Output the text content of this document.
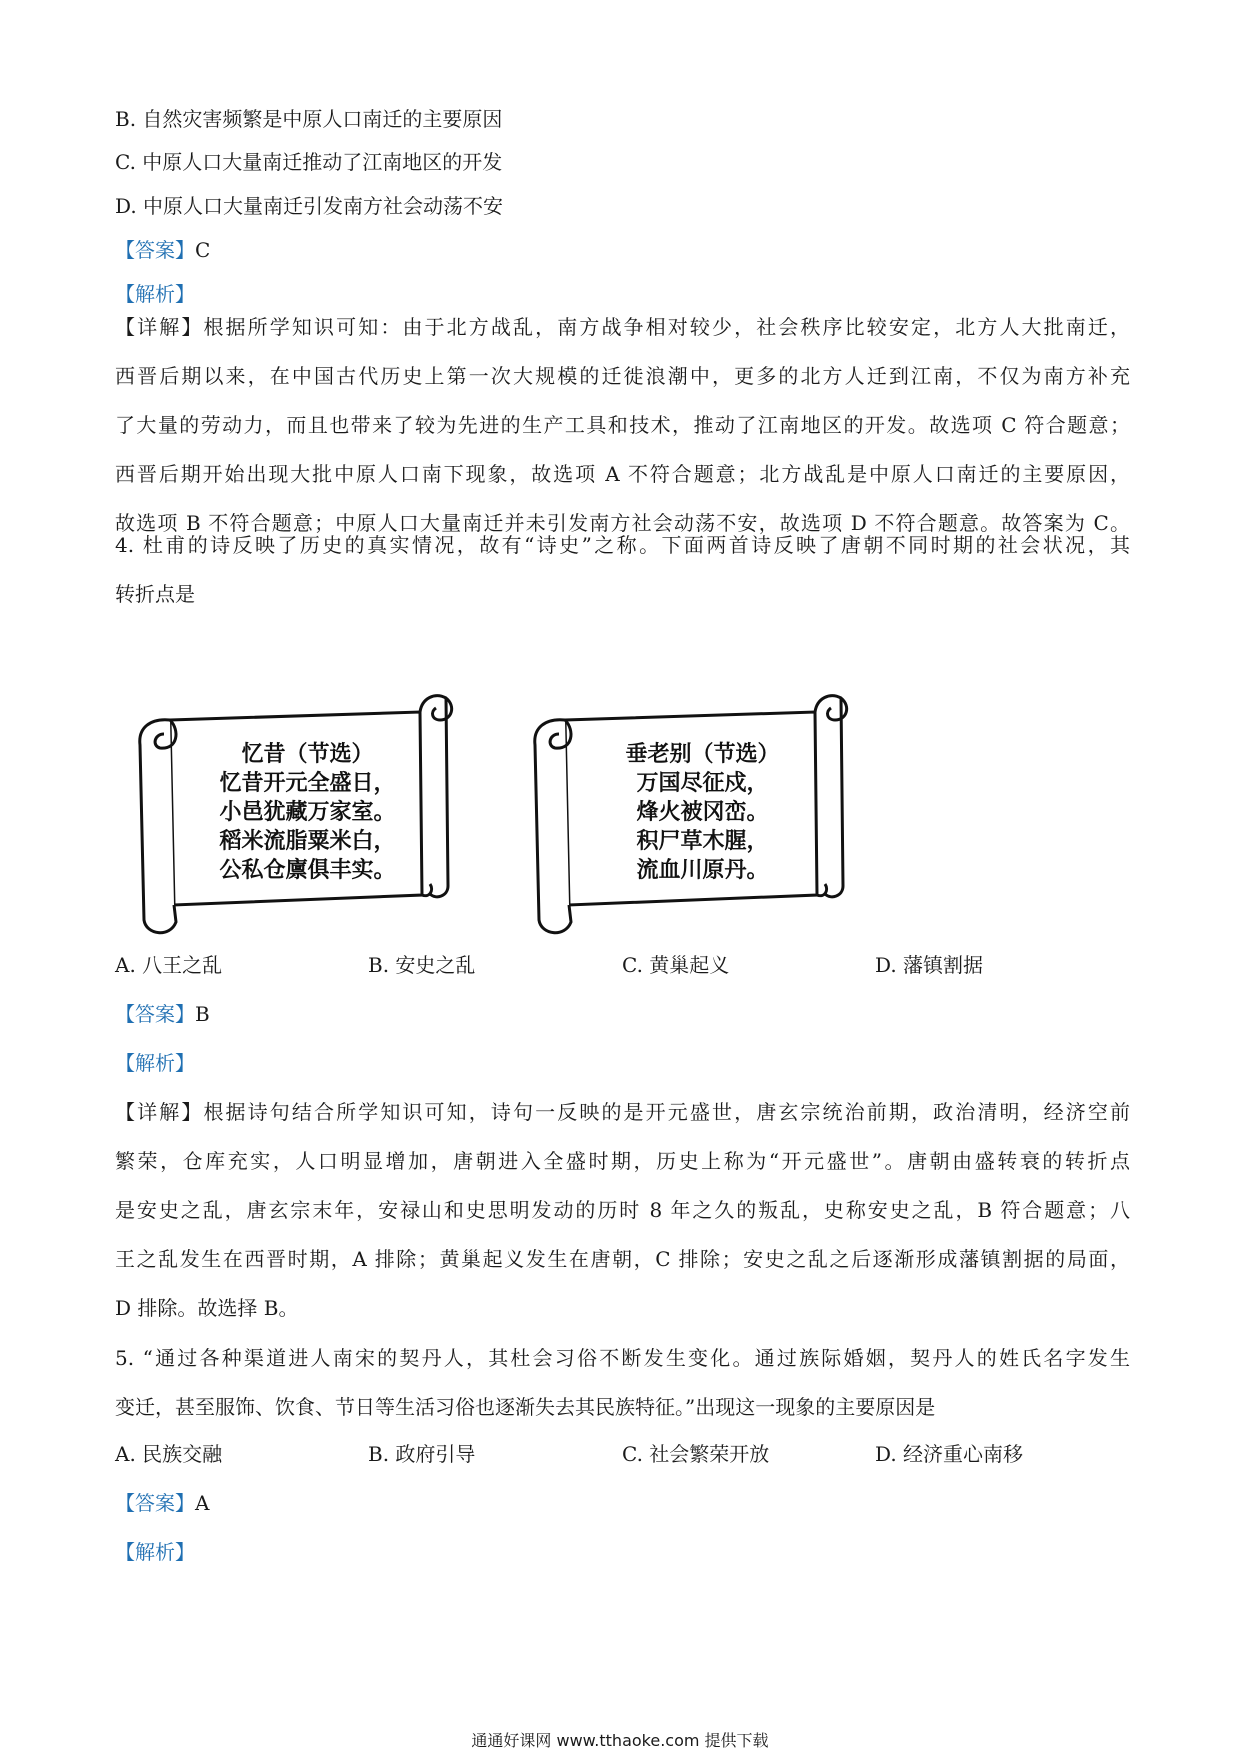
B. 自然灾害频繁是中原人口南迁的主要原因
C. 中原人口大量南迁推动了江南地区的开发
D. 中原人口大量南迁引发南方社会动荡不安
【答案】C
【解析】
【详解】根据所学知识可知：由于北方战乱，南方战争相对较少，社会秩序比较安定，北方人大批南迁，
西晋后期以来，在中国古代历史上第一次大规模的迁徙浪潮中，更多的北方人迁到江南，不仅为南方补充
了大量的劳动力，而且也带来了较为先进的生产工具和技术，推动了江南地区的开发。故选项 C 符合题意；
西晋后期开始出现大批中原人口南下现象，故选项 A 不符合题意；北方战乱是中原人口南迁的主要原因，
故选项 B 不符合题意；中原人口大量南迁并未引发南方社会动荡不安，故选项 D 不符合题意。故答案为 C。
4. 杜甫的诗反映了历史的真实情况，故有“诗史”之称。下面两首诗反映了唐朝不同时期的社会状况，其
转折点是
忆昔（节选）
忆昔开元全盛日，
小邑犹藏万家室。
稻米流脂粟米白，
公私仓廪俱丰实。
垂老别（节选）
万国尽征戍，
烽火被冈峦。
积尸草木腥，
流血川原丹。
A. 八王之乱	B. 安史之乱	C. 黄巢起义	D. 藩镇割据
【答案】B
【解析】
【详解】根据诗句结合所学知识可知，诗句一反映的是开元盛世，唐玄宗统治前期，政治清明，经济空前
繁荣，仓库充实，人口明显增加，唐朝进入全盛时期，历史上称为“开元盛世”。唐朝由盛转衰的转折点
是安史之乱，唐玄宗末年，安禄山和史思明发动的历时 8 年之久的叛乱，史称安史之乱，B 符合题意；八
王之乱发生在西晋时期，A 排除；黄巢起义发生在唐朝，C 排除；安史之乱之后逐渐形成藩镇割据的局面，
D 排除。故选择 B。
5. “通过各种渠道进人南宋的契丹人，其杜会习俗不断发生变化。通过族际婚姻，契丹人的姓氏名字发生
变迁，甚至服饰、饮食、节日等生活习俗也逐渐失去其民族特征。”出现这一现象的主要原因是
A. 民族交融	B. 政府引导	C. 社会繁荣开放	D. 经济重心南移
【答案】A
【解析】
通通好课网 www.tthaoke.com 提供下载
